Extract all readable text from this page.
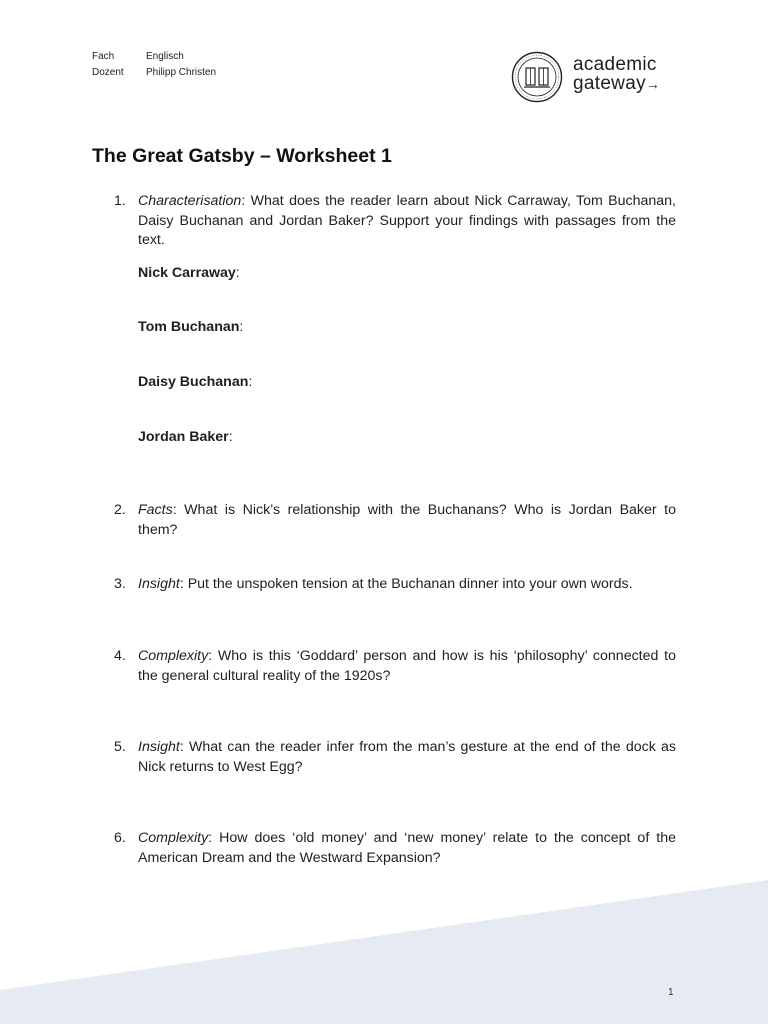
Fach	Englisch
Dozent	Philipp Christen	academic
gateway→
The Great Gatsby – Worksheet 1
1. Characterisation: What does the reader learn about Nick Carraway, Tom Buchanan, Daisy Buchanan and Jordan Baker? Support your findings with passages from the text.
Nick Carraway:
Tom Buchanan:
Daisy Buchanan:
Jordan Baker:
2. Facts: What is Nick’s relationship with the Buchanans? Who is Jordan Baker to them?
3. Insight: Put the unspoken tension at the Buchanan dinner into your own words.
4. Complexity: Who is this ‘Goddard’ person and how is his ‘philosophy’ connected to the general cultural reality of the 1920s?
5. Insight: What can the reader infer from the man’s gesture at the end of the dock as Nick returns to West Egg?
6. Complexity: How does ‘old money’ and ‘new money’ relate to the concept of the American Dream and the Westward Expansion?
1
